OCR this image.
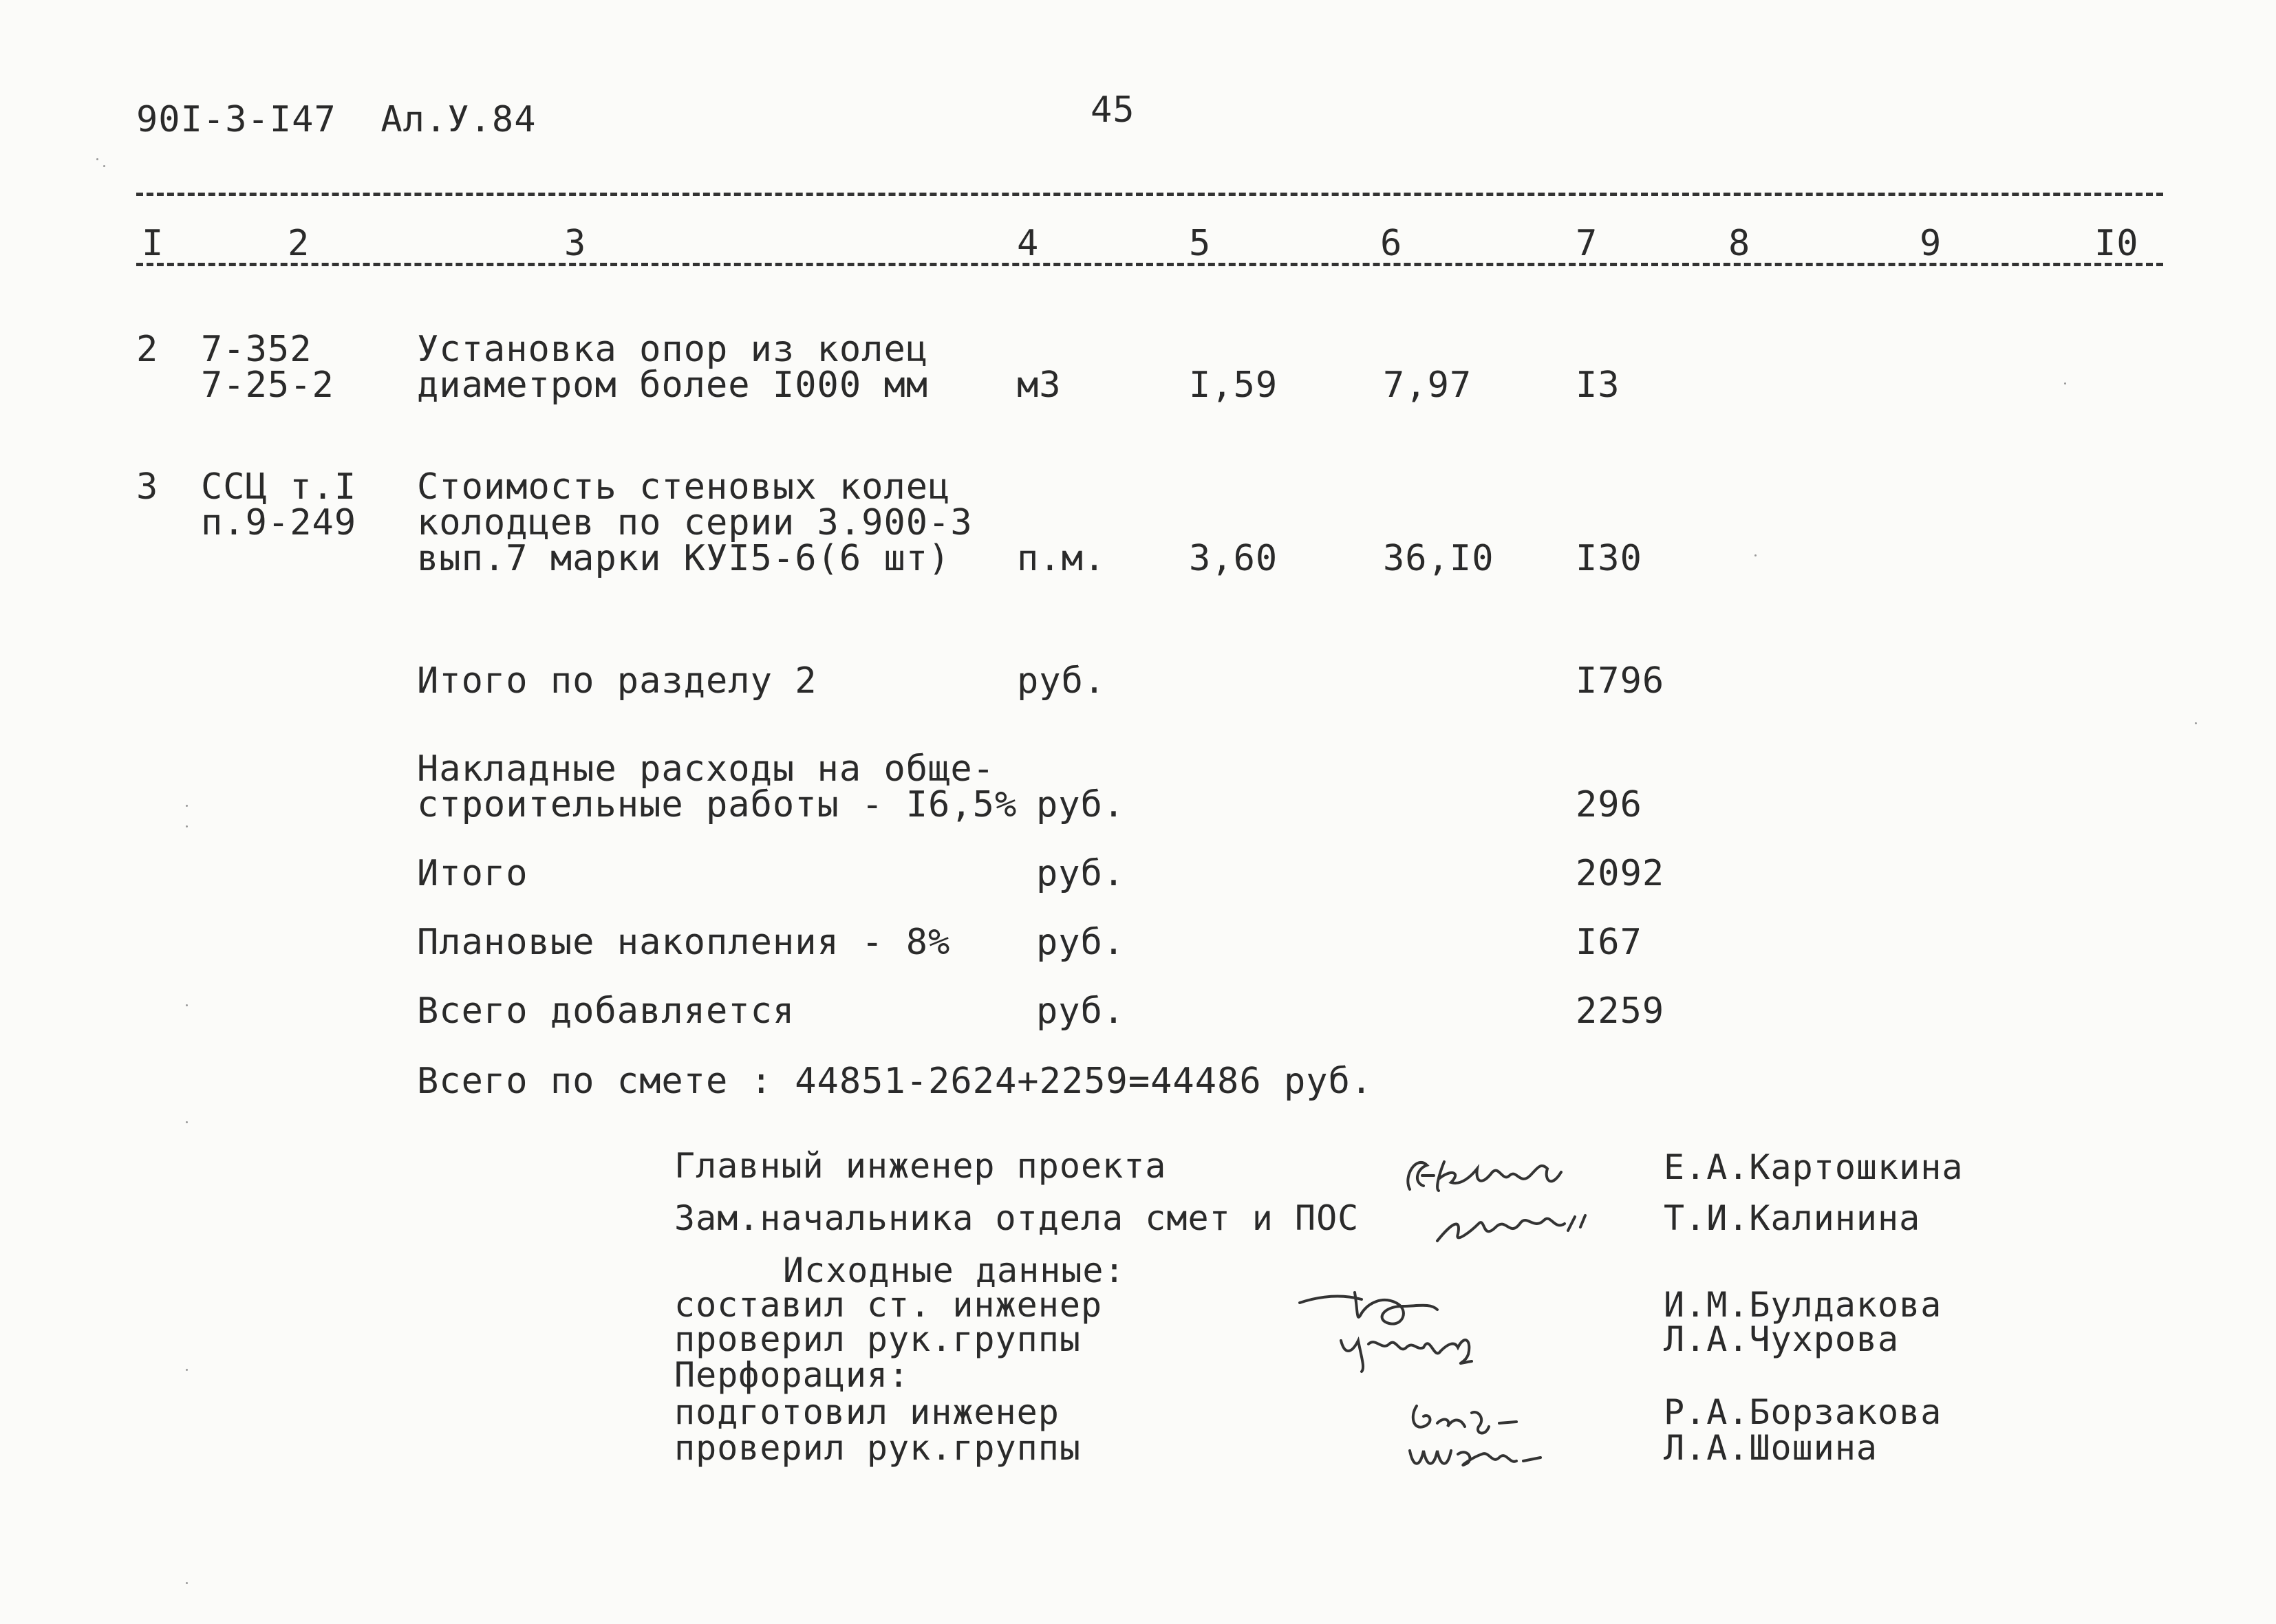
90I-3-I47  Ал.У.84	45
I	2	3	4	5	6	7	8	9	I0
2 7-352
7-25-2
Установка опор из колец
диаметром более I000 мм м3	I,59	7,97	I3
3 ССЦ т.I
п.9-249
Стоимость стеновых колец
колодцев по серии 3.900-3
вып.7 марки КУI5-6(6 шт) п.м. 3,60	36,I0 I30
Итого по разделу 2	руб.	I796
Накладные расходы на обще-
строительные работы - I6,5% руб.	296
Итого	руб.	2092
Плановые накопления - 8% руб.	I67
Всего добавляется	руб.	2259
Всего по смете : 44851-2624+2259=44486 руб.
Главный инженер проекта	Е.А.Картошкина
Зам.начальника отдела смет и ПОС	Т.И.Калинина
Исходные данные:
составил ст. инженер	И.М.Булдакова
проверил рук.группы	Л.А.Чухрова
Перфорация:
подготовил инженер	Р.А.Борзакова
проверил рук.группы	Л.А.Шошина
